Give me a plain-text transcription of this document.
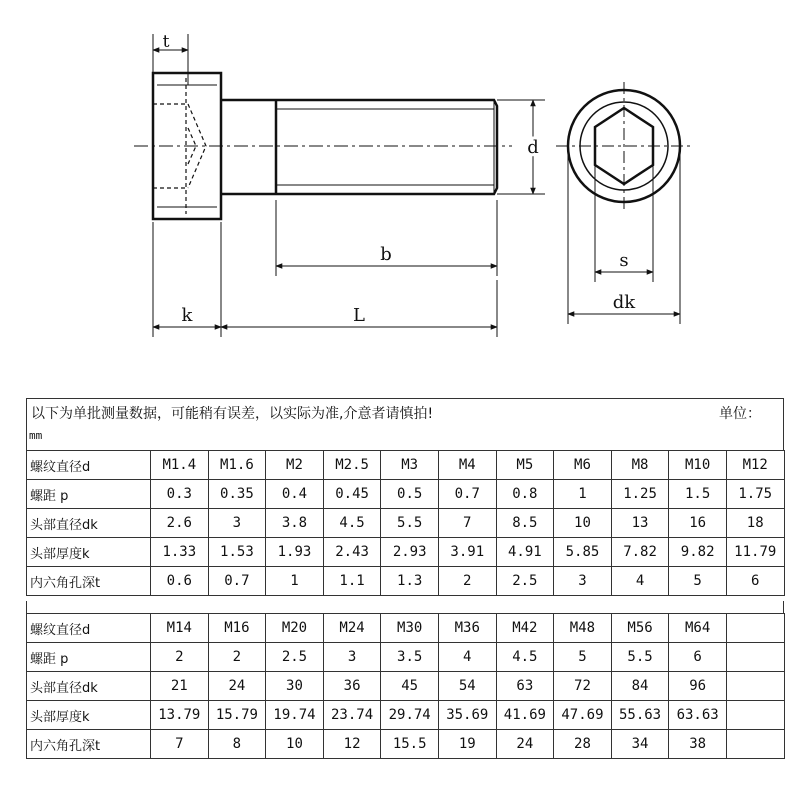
t
d
b
k	L
s
dk
以下为单批测量数据，可能稍有误差，以实际为准,介意者请慎拍!	单位：
mm
螺纹直径d	M1.4	M1.6	M2	M2.5	M3	M4	M5	M6	M8	M10	M12
螺距 p	0.3	0.35	0.4	0.45	0.5	0.7	0.8	1	1.25	1.5	1.75
头部直径dk	2.6	3	3.8	4.5	5.5	7	8.5	10	13	16	18
头部厚度k	1.33	1.53	1.93	2.43	2.93	3.91	4.91	5.85	7.82	9.82	11.79
内六角孔深t	0.6	0.7	1	1.1	1.3	2	2.5	3	4	5	6
螺纹直径d	M14	M16	M20	M24	M30	M36	M42	M48	M56	M64	
螺距 p	2	2	2.5	3	3.5	4	4.5	5	5.5	6	
头部直径dk	21	24	30	36	45	54	63	72	84	96	
头部厚度k	13.79	15.79	19.74	23.74	29.74	35.69	41.69	47.69	55.63	63.63	
内六角孔深t	7	8	10	12	15.5	19	24	28	34	38	
